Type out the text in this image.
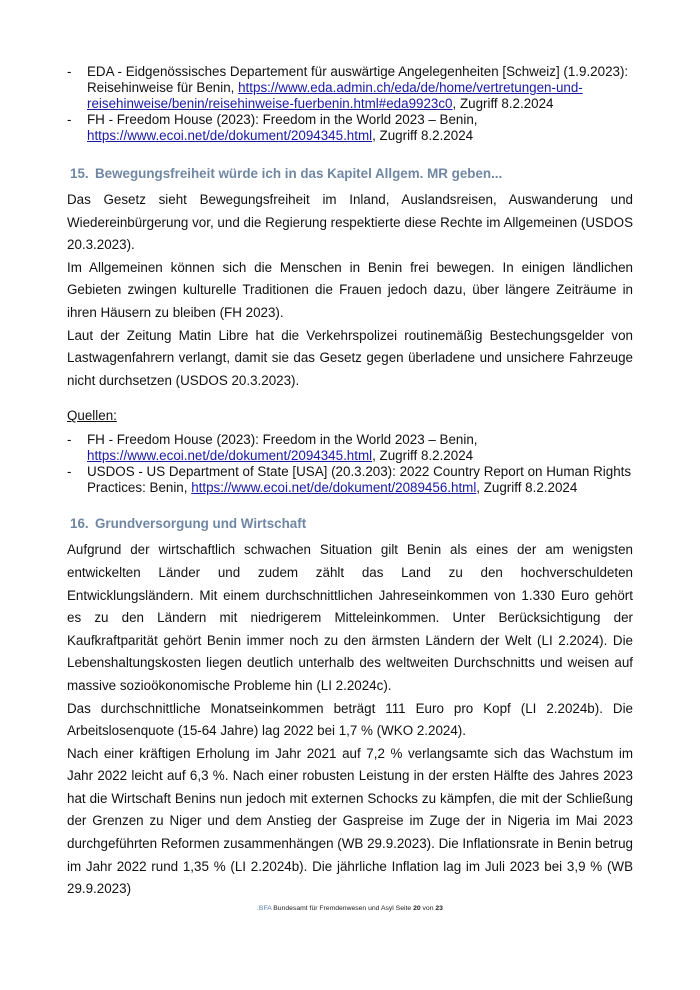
- EDA - Eidgenössisches Departement für auswärtige Angelegenheiten [Schweiz] (1.9.2023): Reisehinweise für Benin, https://www.eda.admin.ch/eda/de/home/vertretungen-und-reisehinweise/benin/reisehinweise-fuerbenin.html#eda9923c0, Zugriff 8.2.2024
- FH - Freedom House (2023): Freedom in the World 2023 – Benin, https://www.ecoi.net/de/dokument/2094345.html, Zugriff 8.2.2024
15. Bewegungsfreiheit würde ich in das Kapitel Allgem. MR geben...

Das Gesetz sieht Bewegungsfreiheit im Inland, Auslandsreisen, Auswanderung und Wiedereinbürgerung vor, und die Regierung respektierte diese Rechte im Allgemeinen (USDOS 20.3.2023).

Im Allgemeinen können sich die Menschen in Benin frei bewegen. In einigen ländlichen Gebieten zwingen kulturelle Traditionen die Frauen jedoch dazu, über längere Zeiträume in ihren Häusern zu bleiben (FH 2023).

Laut der Zeitung Matin Libre hat die Verkehrspolizei routinemäßig Bestechungsgelder von Lastwagenfahrern verlangt, damit sie das Gesetz gegen überladene und unsichere Fahrzeuge nicht durchsetzen (USDOS 20.3.2023).

Quellen:

- FH - Freedom House (2023): Freedom in the World 2023 – Benin, https://www.ecoi.net/de/dokument/2094345.html, Zugriff 8.2.2024
- USDOS - US Department of State [USA] (20.3.203): 2022 Country Report on Human Rights Practices: Benin, https://www.ecoi.net/de/dokument/2089456.html, Zugriff 8.2.2024
16. Grundversorgung und Wirtschaft

Aufgrund der wirtschaftlich schwachen Situation gilt Benin als eines der am wenigsten entwickelten Länder und zudem zählt das Land zu den hochverschuldeten Entwicklungsländern. Mit einem durchschnittlichen Jahreseinkommen von 1.330 Euro gehört es zu den Ländern mit niedrigerem Mitteleinkommen. Unter Berücksichtigung der Kaufkraftparität gehört Benin immer noch zu den ärmsten Ländern der Welt (LI 2.2024). Die Lebenshaltungskosten liegen deutlich unterhalb des weltweiten Durchschnitts und weisen auf massive sozioökonomische Probleme hin (LI 2.2024c).

Das durchschnittliche Monatseinkommen beträgt 111 Euro pro Kopf (LI 2.2024b). Die Arbeitslosenquote (15-64 Jahre) lag 2022 bei 1,7 % (WKO 2.2024).

Nach einer kräftigen Erholung im Jahr 2021 auf 7,2 % verlangsamte sich das Wachstum im Jahr 2022 leicht auf 6,3 %. Nach einer robusten Leistung in der ersten Hälfte des Jahres 2023 hat die Wirtschaft Benins nun jedoch mit externen Schocks zu kämpfen, die mit der Schließung der Grenzen zu Niger und dem Anstieg der Gaspreise im Zuge der in Nigeria im Mai 2023 durchgeführten Reformen zusammenhängen (WB 29.9.2023). Die Inflationsrate in Benin betrug im Jahr 2022 rund 1,35 % (LI 2.2024b). Die jährliche Inflation lag im Juli 2023 bei 3,9 % (WB 29.9.2023)

.BFA Bundesamt für Fremdenwesen und Asyl Seite 20 von 23
